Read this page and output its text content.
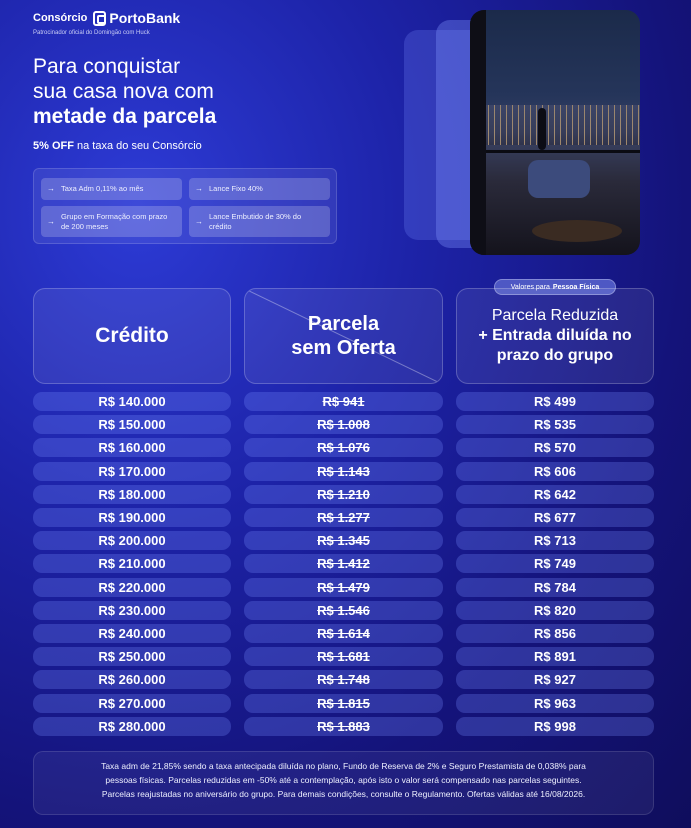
Consórcio PortoBank
Patrocinador oficial do Domingão com Huck
Para conquistar
sua casa nova com
metade da parcela
5% OFF na taxa do seu Consórcio
→ Taxa Adm 0,11% ao mês	→ Lance Fixo 40%
→
Grupo em Formação com prazo de 200 meses
→
Lance Embutido de 30% do crédito
Valores para Pessoa Física
Crédito	Parcela
sem Oferta
Parcela Reduzida
+ Entrada diluída no
prazo do grupo
R$ 140.000	R$ 941	R$ 499
R$ 150.000	R$ 1.008	R$ 535
R$ 160.000	R$ 1.076	R$ 570
R$ 170.000	R$ 1.143	R$ 606
R$ 180.000	R$ 1.210	R$ 642
R$ 190.000	R$ 1.277	R$ 677
R$ 200.000	R$ 1.345	R$ 713
R$ 210.000	R$ 1.412	R$ 749
R$ 220.000	R$ 1.479	R$ 784
R$ 230.000	R$ 1.546	R$ 820
R$ 240.000	R$ 1.614	R$ 856
R$ 250.000	R$ 1.681	R$ 891
R$ 260.000	R$ 1.748	R$ 927
R$ 270.000	R$ 1.815	R$ 963
R$ 280.000	R$ 1.883	R$ 998
Taxa adm de 21,85% sendo a taxa antecipada diluída no plano, Fundo de Reserva de 2% e Seguro Prestamista de 0,038% para
pessoas físicas. Parcelas reduzidas em -50% até a contemplação, após isto o valor será compensado nas parcelas seguintes.
Parcelas reajustadas no aniversário do grupo. Para demais condições, consulte o Regulamento. Ofertas válidas até 16/08/2026.
